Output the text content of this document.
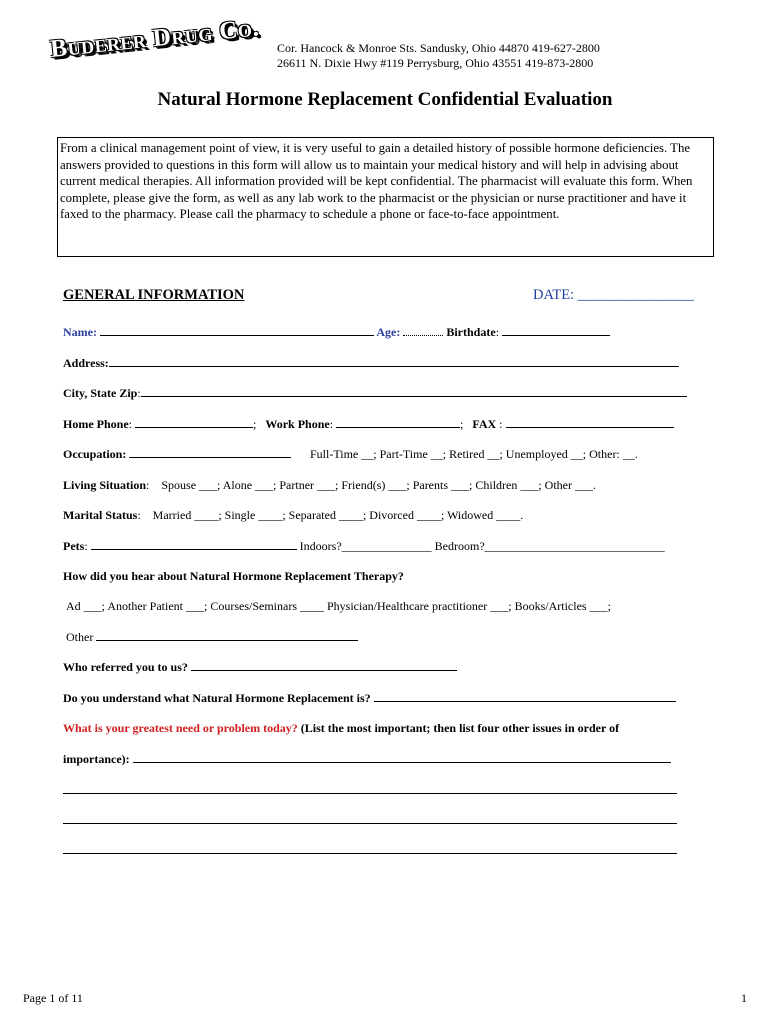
Buderer Drug Co. Cor. Hancock & Monroe Sts. Sandusky, Ohio 44870 419-627-2800
26611 N. Dixie Hwy #119 Perrysburg, Ohio 43551 419-873-2800
Natural Hormone Replacement Confidential Evaluation
From a clinical management point of view, it is very useful to gain a detailed history of possible hormone deficiencies. The answers provided to questions in this form will allow us to maintain your medical history and will help in advising about current medical therapies. All information provided will be kept confidential. The pharmacist will evaluate this form. When complete, please give the form, as well as any lab work to the pharmacist or the physician or nurse practitioner and have it faxed to the pharmacy. Please call the pharmacy to schedule a phone or face-to-face appointment.
GENERAL INFORMATION	DATE: ________________
Name:	Age:	Birthdate:
Address:
City, State Zip:
Home Phone:	;   Work Phone:	;   FAX :
Occupation:	Full-Time __; Part-Time __; Retired __; Unemployed __; Other: __.
Living Situation:    Spouse ___; Alone ___; Partner ___; Friend(s) ___; Parents ___; Children ___; Other ___.
Marital Status:    Married ____; Single ____; Separated ____; Divorced ____; Widowed ____.
Pets:	Indoors?_______________ Bedroom?______________________________
How did you hear about Natural Hormone Replacement Therapy?
Ad ___; Another Patient ___; Courses/Seminars ____ Physician/Healthcare practitioner ___; Books/Articles ___;
Other
Who referred you to us?
Do you understand what Natural Hormone Replacement is?
What is your greatest need or problem today? (List the most important; then list four other issues in order of
importance):
Page 1 of 11	1
